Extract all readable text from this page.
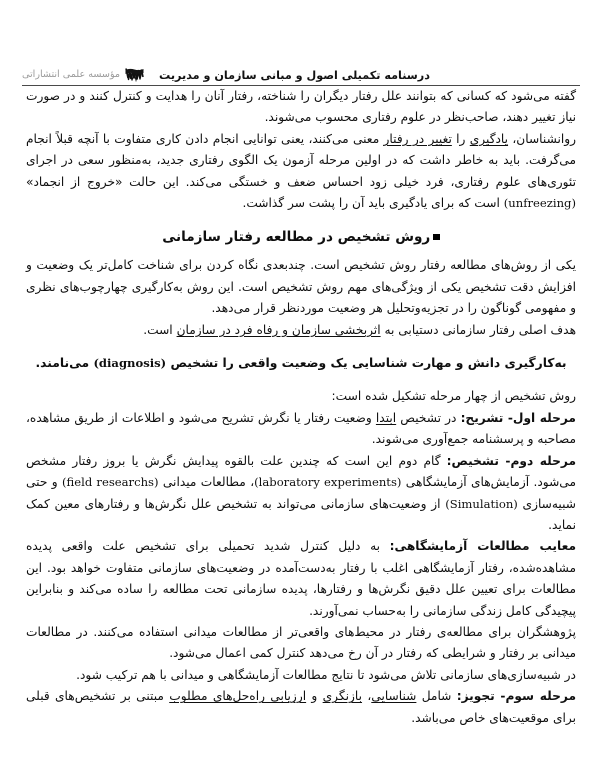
درسنامه تکمیلی اصول و مبانی سازمان و مدیریت
مؤسسه علمی انتشاراتی

گفته می‌شود که کسانی که بتوانند علل رفتار دیگران را شناخته، رفتار آنان را هدایت و کنترل کنند و در صورت نیاز تغییر دهند، صاحب‌نظر در علوم رفتاری محسوب می‌شوند.

روانشناسان، یادگیری را تغییر در رفتار معنی می‌کنند، یعنی توانایی انجام دادن کاری متفاوت با آنچه قبلاً انجام می‌گرفت. باید به خاطر داشت که در اولین مرحله آزمون یک الگوی رفتاری جدید، به‌منظور سعی در اجرای تئوری‌های علوم رفتاری، فرد خیلی زود احساس ضعف و خستگی می‌کند. این حالت «خروج از انجماد» (unfreezing) است که برای یادگیری باید آن را پشت سر گذاشت.

روش تشخیص در مطالعه رفتار سازمانی

یکی از روش‌های مطالعه رفتار روش تشخیص است. چندبعدی نگاه کردن برای شناخت کامل‌تر یک وضعیت و افزایش دقت تشخیص یکی از ویژگی‌های مهم روش تشخیص است. این روش به‌کارگیری چهارچوب‌های نظری و مفهومی گوناگون را در تجزیه‌وتحلیل هر وضعیت موردنظر قرار می‌دهد.

هدف اصلی رفتار سازمانی دستیابی به اثربخشی سازمان و رفاه فرد در سازمان است.

به‌کارگیری دانش و مهارت شناسایی یک وضعیت واقعی را تشخیص (diagnosis) می‌نامند.

روش تشخیص از چهار مرحله تشکیل شده است:

مرحله اول- تشریح: در تشخیص ابتدا وضعیت رفتار یا نگرش تشریح می‌شود و اطلاعات از طریق مشاهده، مصاحبه و پرسشنامه جمع‌آوری می‌شوند.

مرحله دوم- تشخیص: گام دوم این است که چندین علت بالقوه پیدایش نگرش یا بروز رفتار مشخص می‌شود. آزمایش‌های آزمایشگاهی (laboratory experiments)، مطالعات میدانی (field researchs) و حتی شبیه‌سازی (Simulation) از وضعیت‌های سازمانی می‌تواند به تشخیص علل نگرش‌ها و رفتارهای معین کمک نماید.

معایب مطالعات آزمایشگاهی: به دلیل کنترل شدید تحمیلی برای تشخیص علت واقعی پدیده مشاهده‌شده، رفتار آزمایشگاهی اغلب با رفتار به‌دست‌آمده در وضعیت‌های سازمانی متفاوت خواهد بود. این مطالعات برای تعیین علل دقیق نگرش‌ها و رفتارها، پدیده سازمانی تحت مطالعه را ساده می‌کند و بنابراین پیچیدگی کامل زندگی سازمانی را به‌حساب نمی‌آورند.

پژوهشگران برای مطالعه‌ی رفتار در محیط‌های واقعی‌تر از مطالعات میدانی استفاده می‌کنند. در مطالعات میدانی بر رفتار و شرایطی که رفتار در آن رخ می‌دهد کنترل کمی اعمال می‌شود.

در شبیه‌سازی‌های سازمانی تلاش می‌شود تا نتایج مطالعات آزمایشگاهی و میدانی با هم ترکیب شود.

مرحله سوم- تجویز: شامل شناسایی، بازنگری و ارزیابی راه‌حل‌های مطلوب مبتنی بر تشخیص‌های قبلی برای موقعیت‌های خاص می‌باشد.
